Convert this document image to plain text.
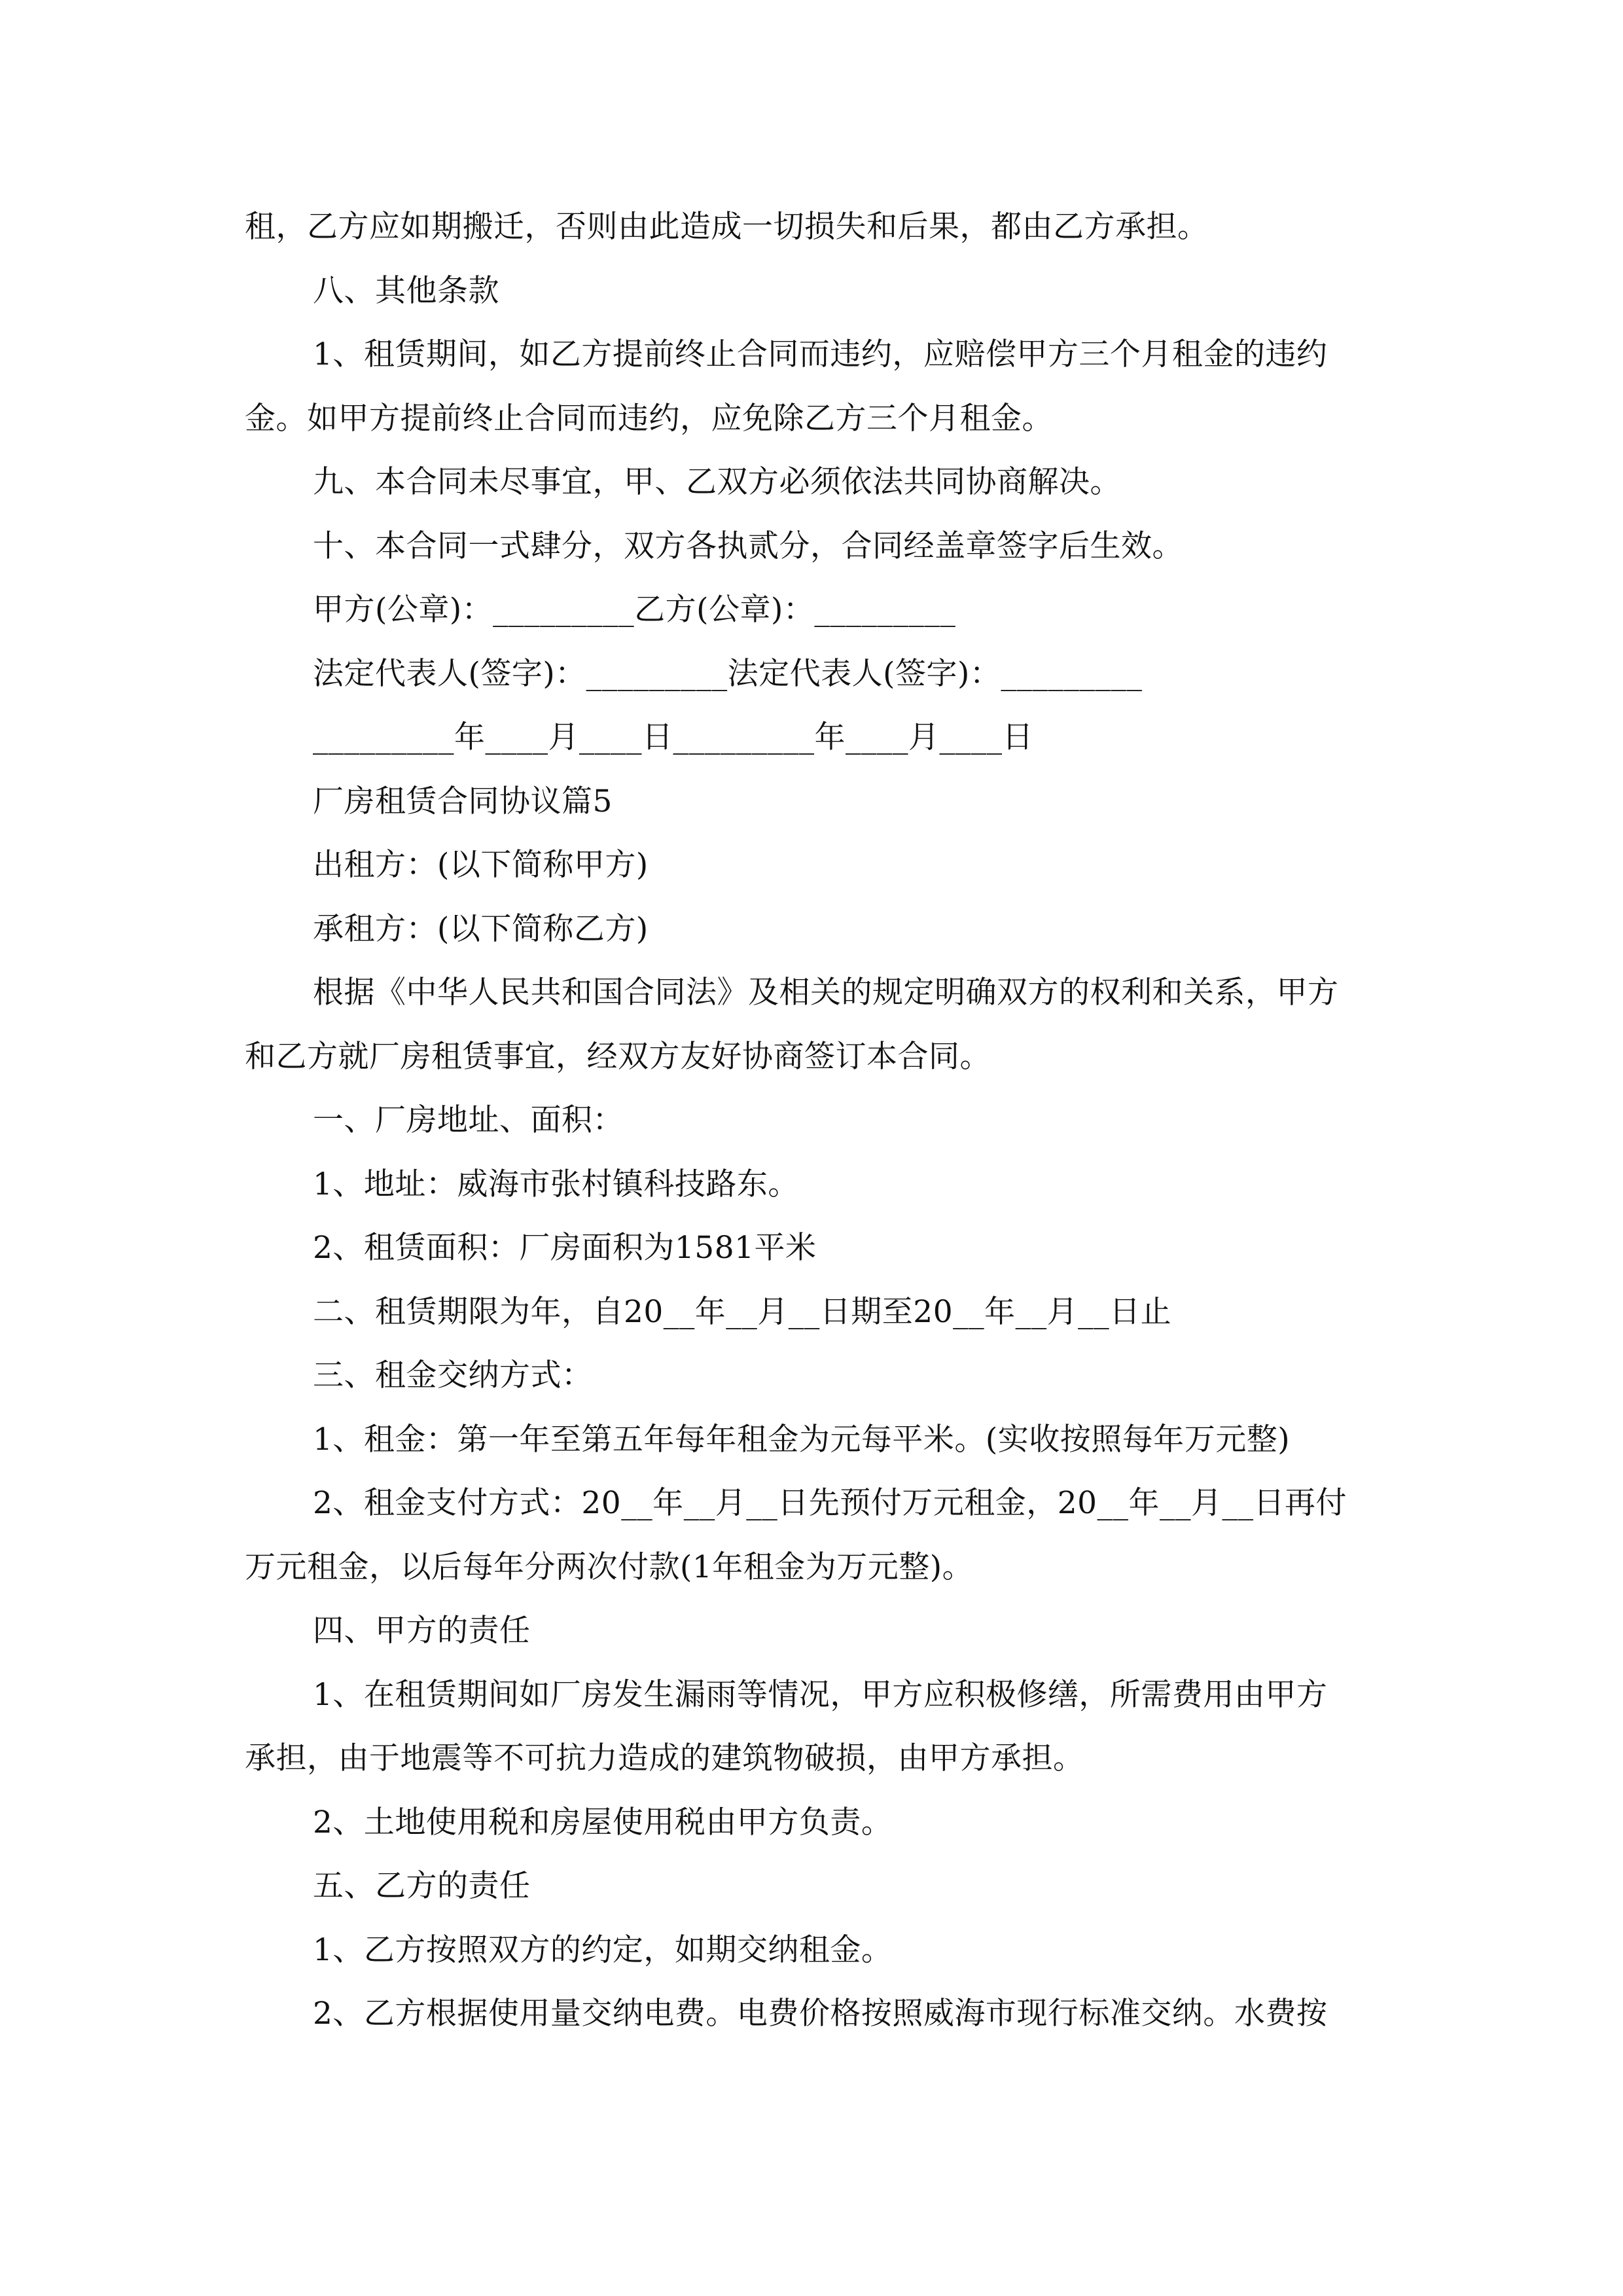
租，乙方应如期搬迁，否则由此造成一切损失和后果，都由乙方承担。
八、其他条款
1、租赁期间，如乙方提前终止合同而违约，应赔偿甲方三个月租金的违约
金。如甲方提前终止合同而违约，应免除乙方三个月租金。
九、本合同未尽事宜，甲、乙双方必须依法共同协商解决。
十、本合同一式肆分，双方各执贰分，合同经盖章签字后生效。
甲方(公章)：_________乙方(公章)：_________
法定代表人(签字)：_________法定代表人(签字)：_________
_________年____月____日_________年____月____日
厂房租赁合同协议篇5
出租方：(以下简称甲方)
承租方：(以下简称乙方)
根据《中华人民共和国合同法》及相关的规定明确双方的权利和关系，甲方
和乙方就厂房租赁事宜，经双方友好协商签订本合同。
一、厂房地址、面积：
1、地址：威海市张村镇科技路东。
2、租赁面积：厂房面积为1581平米
二、租赁期限为年，自20__年__月__日期至20__年__月__日止
三、租金交纳方式：
1、租金：第一年至第五年每年租金为元每平米。(实收按照每年万元整)
2、租金支付方式：20__年__月__日先预付万元租金，20__年__月__日再付
万元租金，以后每年分两次付款(1年租金为万元整)。
四、甲方的责任
1、在租赁期间如厂房发生漏雨等情况，甲方应积极修缮，所需费用由甲方
承担，由于地震等不可抗力造成的建筑物破损，由甲方承担。
2、土地使用税和房屋使用税由甲方负责。
五、乙方的责任
1、乙方按照双方的约定，如期交纳租金。
2、乙方根据使用量交纳电费。电费价格按照威海市现行标准交纳。水费按
